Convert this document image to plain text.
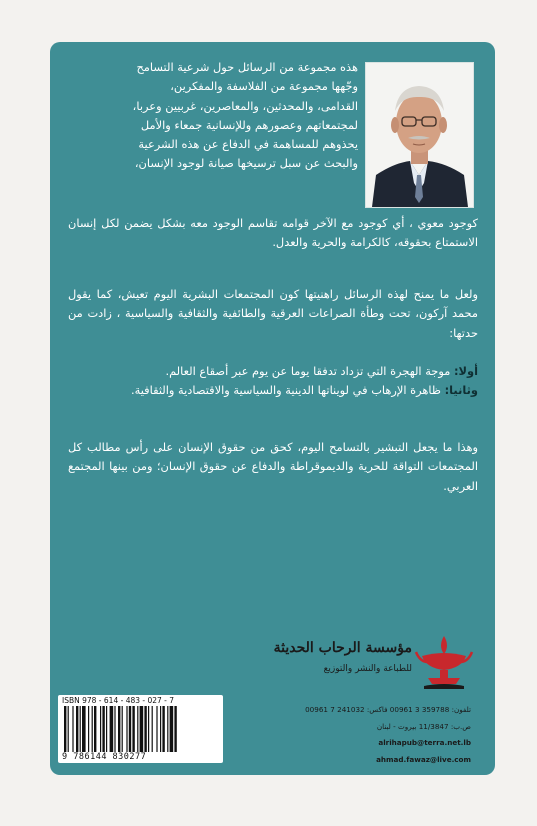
هذه مجموعة من الرسائل حول شرعية التسامح
وجّهها مجموعة من الفلاسفة والمفكرين،
القدامى، والمحدثين، والمعاصرين، غربيين وعربا،
لمجتمعاتهم وعصورهم وللإنسانية جمعاء والأمل
يحذوهم للمساهمة في الدفاع عن هذه الشرعية
والبحث عن سبل ترسيخها صيانة لوجود الإنسان،
كوجود معوي ، أي كوجود مع الآخر قوامه تقاسم الوجود معه بشكل يضمن لكل إنسان الاستمتاع بحقوقه، كالكرامة والحرية والعدل.
ولعل ما يمنح لهذه الرسائل راهنيتها كون المجتمعات البشرية اليوم تعيش، كما يقول محمد آركون، تحت وطأة الصراعات العرقية والطائفية والثقافية والسياسية ، زادت من حدتها:
أولا: موجة الهجرة التي تزداد تدفقا يوما عن يوم عبر أصقاع العالم.
وثانيا: ظاهرة الإرهاب في لويناتها الدينية والسياسية والاقتصادية والثقافية.
وهذا ما يجعل التبشير بالتسامح اليوم، كحق من حقوق الإنسان على رأس مطالب كل المجتمعات التواقة للحرية والديموقراطة والدفاع عن حقوق الإنسان؛ ومن بينها المجتمع العربي.
مؤسسة الرحاب الحديثة
للطباعة والنشر والتوزيع
تلفون: 359788 3 00961 فاكس: 241032 7 00961
ص.ب: 11/3847 بيروت - لبنان
alrihapub@terra.net.lb
ahmad.fawaz@live.com
ISBN 978 - 614 - 483 - 027 - 7
9 786144 830277
